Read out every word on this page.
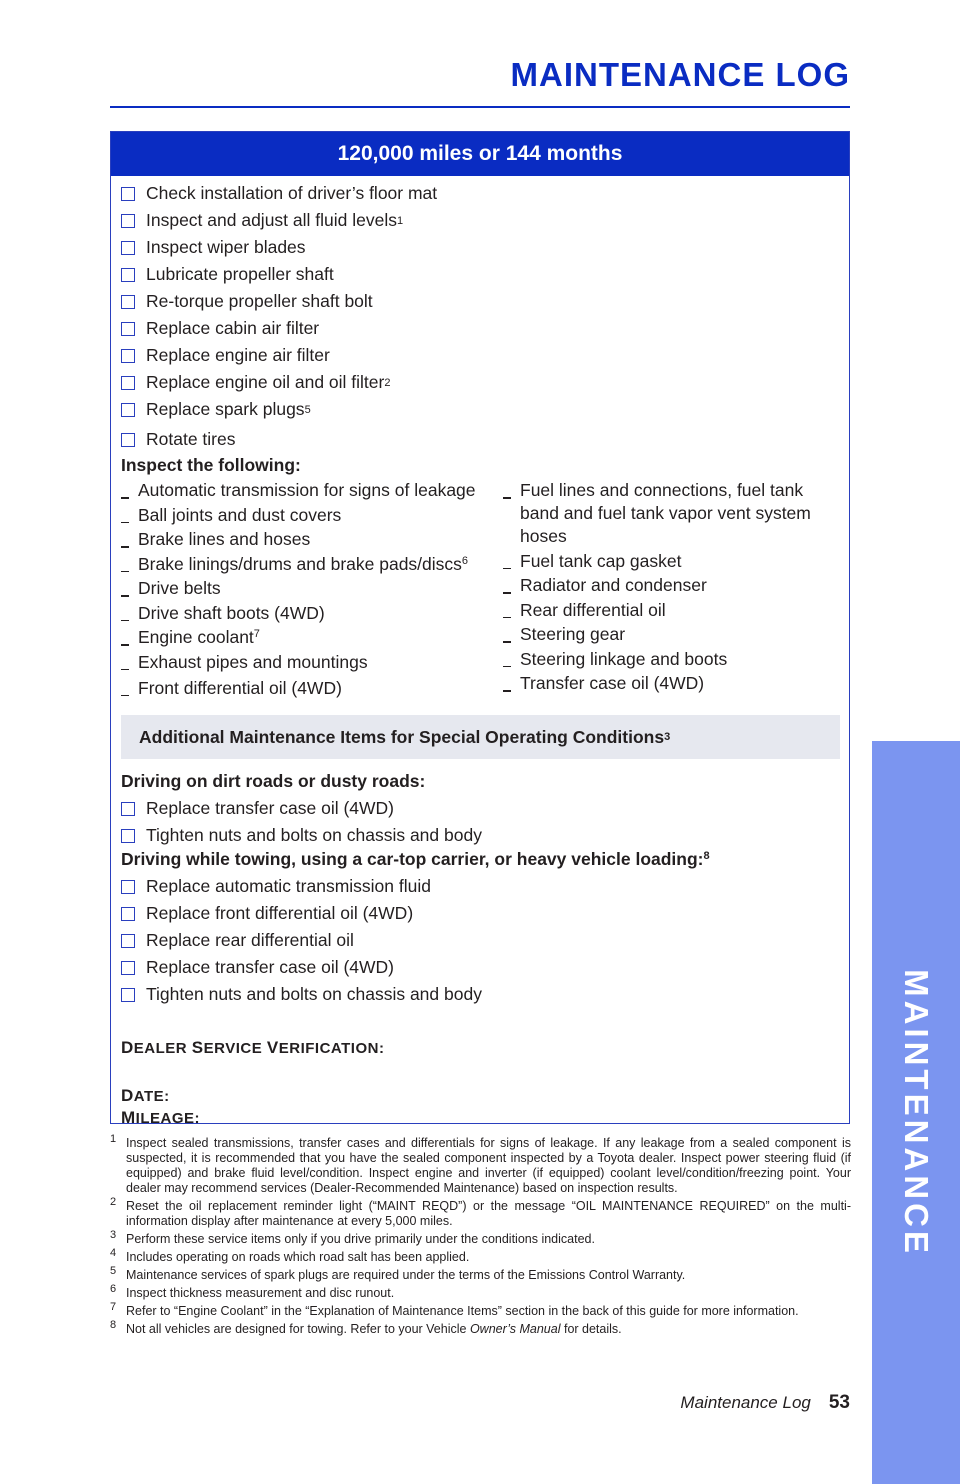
MAINTENANCE LOG
120,000 miles or 144 months
Check installation of driver’s floor mat
Inspect and adjust all fluid levels 1
Inspect wiper blades
Lubricate propeller shaft
Re-torque propeller shaft bolt
Replace cabin air filter
Replace engine air filter
Replace engine oil and oil filter 2
Replace spark plugs 5
Rotate tires
Inspect the following:
Automatic transmission for signs of leakage
Ball joints and dust covers
Brake lines and hoses
Brake linings/drums and brake pads/discs$^6$
Drive belts
Drive shaft boots (4WD)
Engine coolant$^7$
Exhaust pipes and mountings
Front differential oil (4WD)
Fuel lines and connections, fuel tank band and fuel tank vapor vent system hoses
Fuel tank cap gasket
Radiator and condenser
Rear differential oil
Steering gear
Steering linkage and boots
Transfer case oil (4WD)
Additional Maintenance Items for Special Operating Conditions 3
Driving on dirt roads or dusty roads:
Replace transfer case oil (4WD)
Tighten nuts and bolts on chassis and body
Driving while towing, using a car-top carrier, or heavy vehicle loading:$^8$
Replace automatic transmission fluid
Replace front differential oil (4WD)
Replace rear differential oil
Replace transfer case oil (4WD)
Tighten nuts and bolts on chassis and body
DEALER SERVICE VERIFICATION:
DATE:
MILEAGE:
1 Inspect sealed transmissions, transfer cases and differentials for signs of leakage. If any leakage from a sealed component is suspected, it is recommended that you have the sealed component inspected by a Toyota dealer. Inspect power steering fluid (if equipped) and brake fluid level/condition. Inspect engine and inverter (if equipped) coolant level/condition/freezing point. Your dealer may recommend services (Dealer-Recommended Maintenance) based on inspection results.
2 Reset the oil replacement reminder light (“MAINT REQD”) or the message “OIL MAINTENANCE REQUIRED” on the multi-information display after maintenance at every 5,000 miles.
3 Perform these service items only if you drive primarily under the conditions indicated.
4 Includes operating on roads which road salt has been applied.
5 Maintenance services of spark plugs are required under the terms of the Emissions Control Warranty.
6 Inspect thickness measurement and disc runout.
7 Refer to “Engine Coolant” in the “Explanation of Maintenance Items” section in the back of this guide for more information.
8 Not all vehicles are designed for towing. Refer to your Vehicle Owner’s Manual for details.
Maintenance Log 53
MAINTENANCE
